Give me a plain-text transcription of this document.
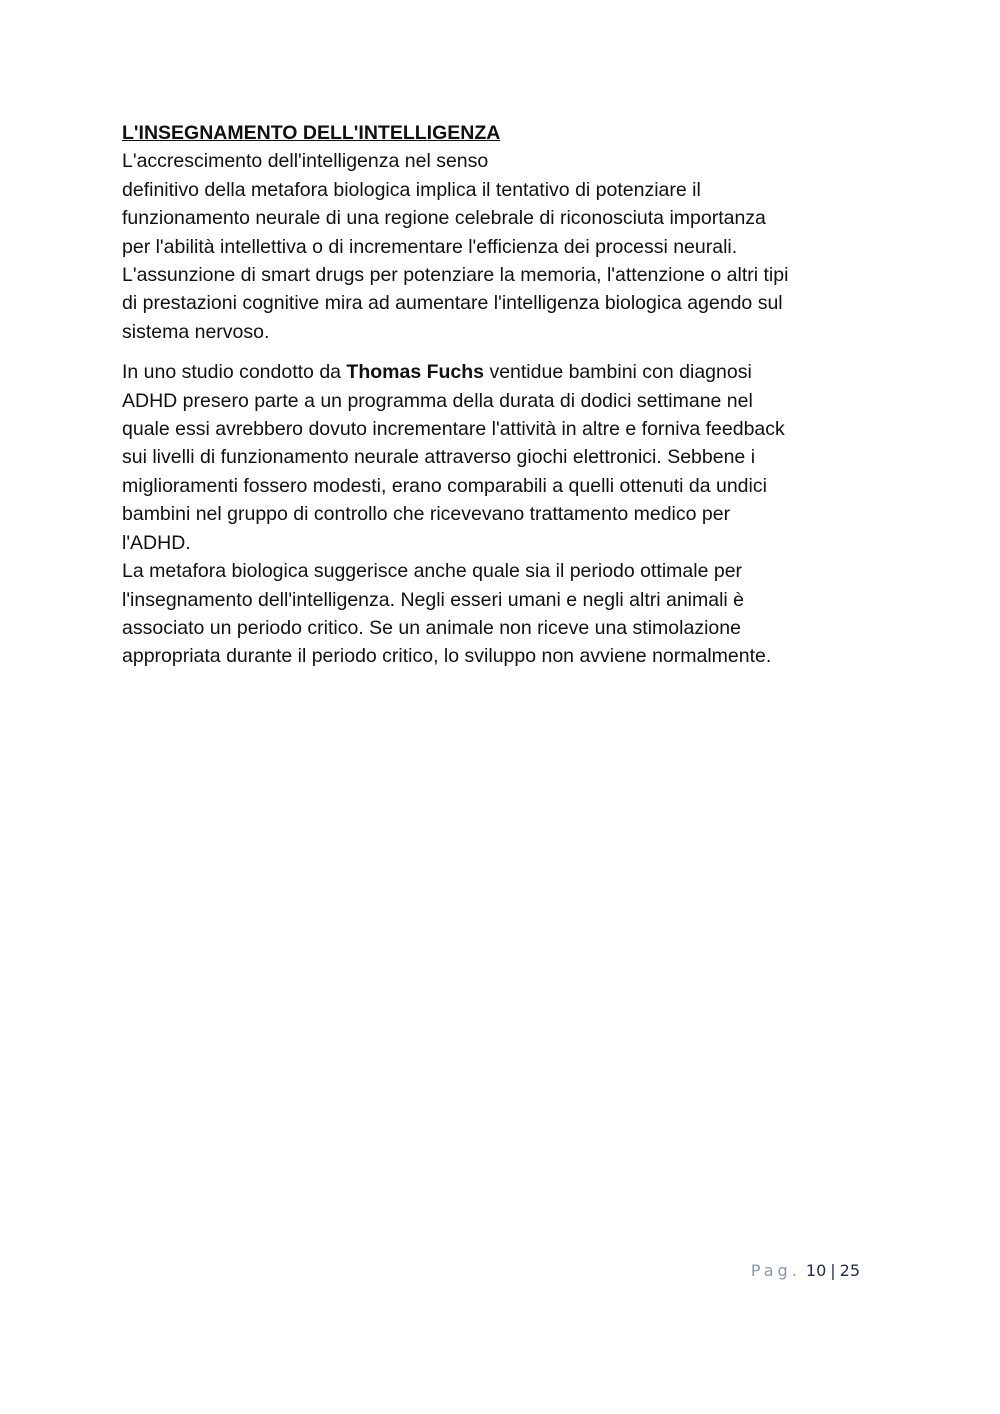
L'INSEGNAMENTO DELL'INTELLIGENZA

L'accrescimento dell'intelligenza nel senso
definitivo della metafora biologica implica il tentativo di potenziare il
funzionamento neurale di una regione celebrale di riconosciuta importanza
per l'abilità intellettiva o di incrementare l'efficienza dei processi neurali.
L'assunzione di smart drugs per potenziare la memoria, l'attenzione o altri tipi
di prestazioni cognitive mira ad aumentare l'intelligenza biologica agendo sul
sistema nervoso.

In uno studio condotto da Thomas Fuchs ventidue bambini con diagnosi
ADHD presero parte a un programma della durata di dodici settimane nel
quale essi avrebbero dovuto incrementare l'attività in altre e forniva feedback
sui livelli di funzionamento neurale attraverso giochi elettronici. Sebbene i
miglioramenti fossero modesti, erano comparabili a quelli ottenuti da undici
bambini nel gruppo di controllo che ricevevano trattamento medico per
l'ADHD.
La metafora biologica suggerisce anche quale sia il periodo ottimale per
l'insegnamento dell'intelligenza. Negli esseri umani e negli altri animali è
associato un periodo critico. Se un animale non riceve una stimolazione
appropriata durante il periodo critico, lo sviluppo non avviene normalmente.

Pag. 10 | 25
